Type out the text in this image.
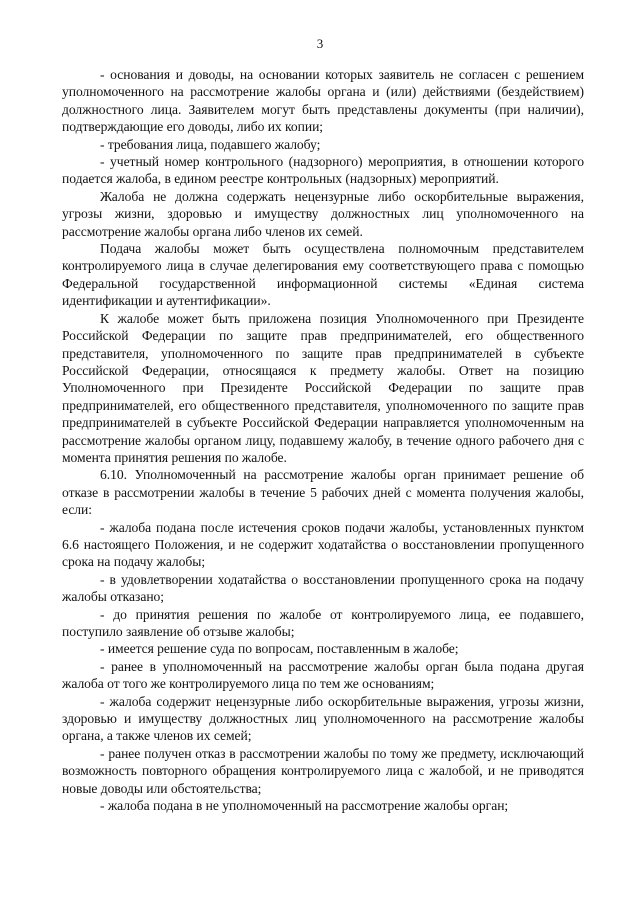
3

- основания и доводы, на основании которых заявитель не согласен с решением уполномоченного на рассмотрение жалобы органа и (или) действиями (бездействием) должностного лица. Заявителем могут быть представлены документы (при наличии), подтверждающие его доводы, либо их копии;

- требования лица, подавшего жалобу;

- учетный номер контрольного (надзорного) мероприятия, в отношении которого подается жалоба, в едином реестре контрольных (надзорных) мероприятий.

Жалоба не должна содержать нецензурные либо оскорбительные выражения, угрозы жизни, здоровью и имуществу должностных лиц уполномоченного на рассмотрение жалобы органа либо членов их семей.

Подача жалобы может быть осуществлена полномочным представителем контролируемого лица в случае делегирования ему соответствующего права с помощью Федеральной государственной информационной системы «Единая система идентификации и аутентификации».

К жалобе может быть приложена позиция Уполномоченного при Президенте Российской Федерации по защите прав предпринимателей, его общественного представителя, уполномоченного по защите прав предпринимателей в субъекте Российской Федерации, относящаяся к предмету жалобы. Ответ на позицию Уполномоченного при Президенте Российской Федерации по защите прав предпринимателей, его общественного представителя, уполномоченного по защите прав предпринимателей в субъекте Российской Федерации направляется уполномоченным на рассмотрение жалобы органом лицу, подавшему жалобу, в течение одного рабочего дня с момента принятия решения по жалобе.

6.10. Уполномоченный на рассмотрение жалобы орган принимает решение об отказе в рассмотрении жалобы в течение 5 рабочих дней с момента получения жалобы, если:

- жалоба подана после истечения сроков подачи жалобы, установленных пунктом 6.6 настоящего Положения, и не содержит ходатайства о восстановлении пропущенного срока на подачу жалобы;

- в удовлетворении ходатайства о восстановлении пропущенного срока на подачу жалобы отказано;

- до принятия решения по жалобе от контролируемого лица, ее подавшего, поступило заявление об отзыве жалобы;

- имеется решение суда по вопросам, поставленным в жалобе;

- ранее в уполномоченный на рассмотрение жалобы орган была подана другая жалоба от того же контролируемого лица по тем же основаниям;

- жалоба содержит нецензурные либо оскорбительные выражения, угрозы жизни, здоровью и имуществу должностных лиц уполномоченного на рассмотрение жалобы органа, а также членов их семей;

- ранее получен отказ в рассмотрении жалобы по тому же предмету, исключающий возможность повторного обращения контролируемого лица с жалобой, и не приводятся новые доводы или обстоятельства;

- жалоба подана в не уполномоченный на рассмотрение жалобы орган;
